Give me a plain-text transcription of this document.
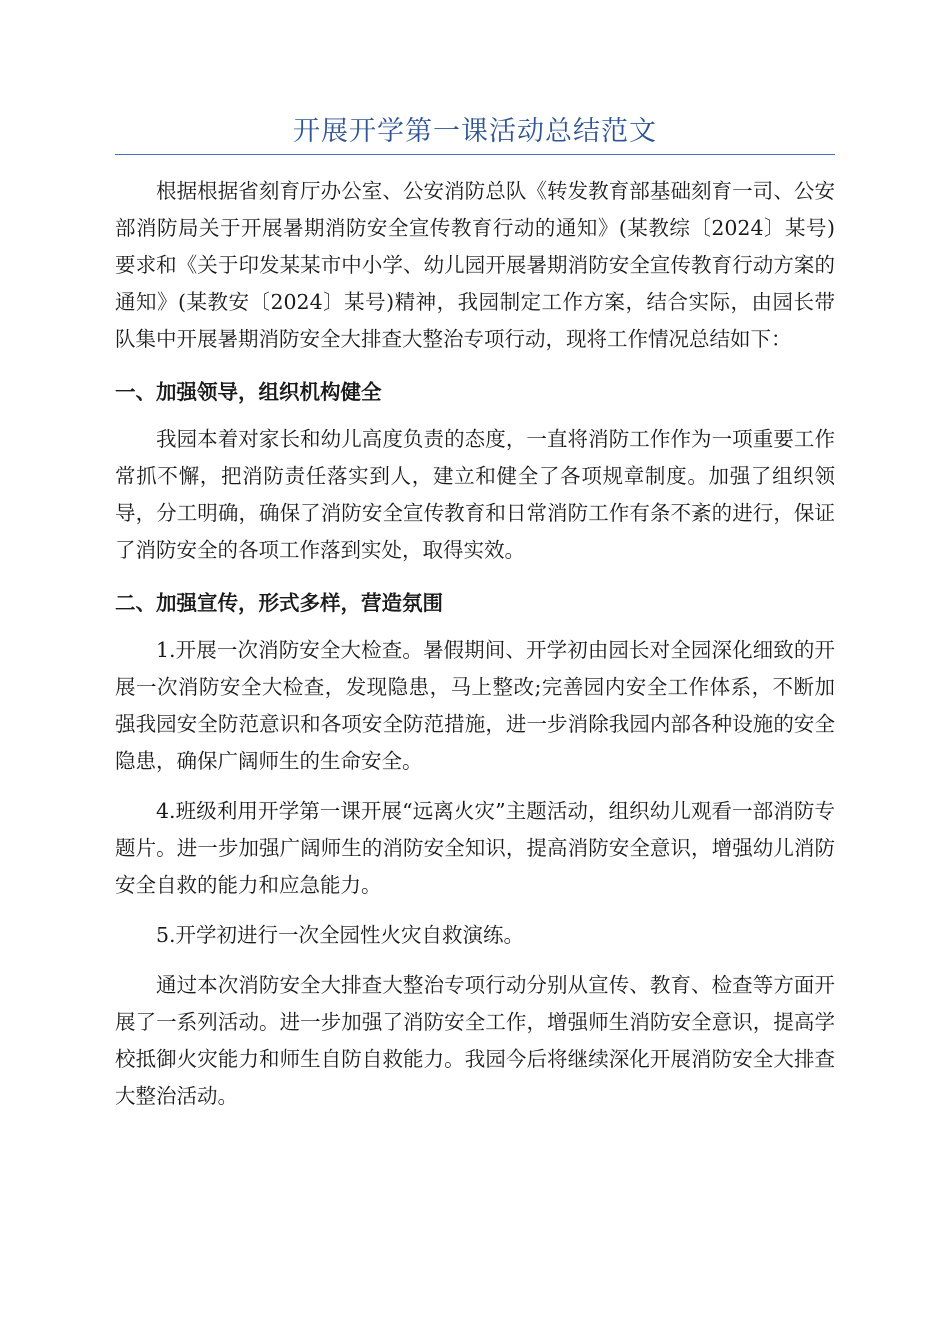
开展开学第一课活动总结范文

根据根据省刻育厅办公室、公安消防总队《转发教育部基础刻育一司、公安部消防局关于开展暑期消防安全宣传教育行动的通知》(某教综〔2024〕某号)要求和《关于印发某某市中小学、幼儿园开展暑期消防安全宣传教育行动方案的通知》(某教安〔2024〕某号)精神，我园制定工作方案，结合实际，由园长带队集中开展暑期消防安全大排查大整治专项行动，现将工作情况总结如下：

一、加强领导，组织机构健全

我园本着对家长和幼儿高度负责的态度，一直将消防工作作为一项重要工作常抓不懈，把消防责任落实到人，建立和健全了各项规章制度。加强了组织领导，分工明确，确保了消防安全宣传教育和日常消防工作有条不紊的进行，保证了消防安全的各项工作落到实处，取得实效。

二、加强宣传，形式多样，营造氛围

1.开展一次消防安全大检查。暑假期间、开学初由园长对全园深化细致的开展一次消防安全大检查，发现隐患，马上整改;完善园内安全工作体系，不断加强我园安全防范意识和各项安全防范措施，进一步消除我园内部各种设施的安全隐患，确保广阔师生的生命安全。

4.班级利用开学第一课开展“远离火灾”主题活动，组织幼儿观看一部消防专题片。进一步加强广阔师生的消防安全知识，提高消防安全意识，增强幼儿消防安全自救的能力和应急能力。

5.开学初进行一次全园性火灾自救演练。

通过本次消防安全大排查大整治专项行动分别从宣传、教育、检查等方面开展了一系列活动。进一步加强了消防安全工作，增强师生消防安全意识，提高学校抵御火灾能力和师生自防自救能力。我园今后将继续深化开展消防安全大排查大整治活动。
